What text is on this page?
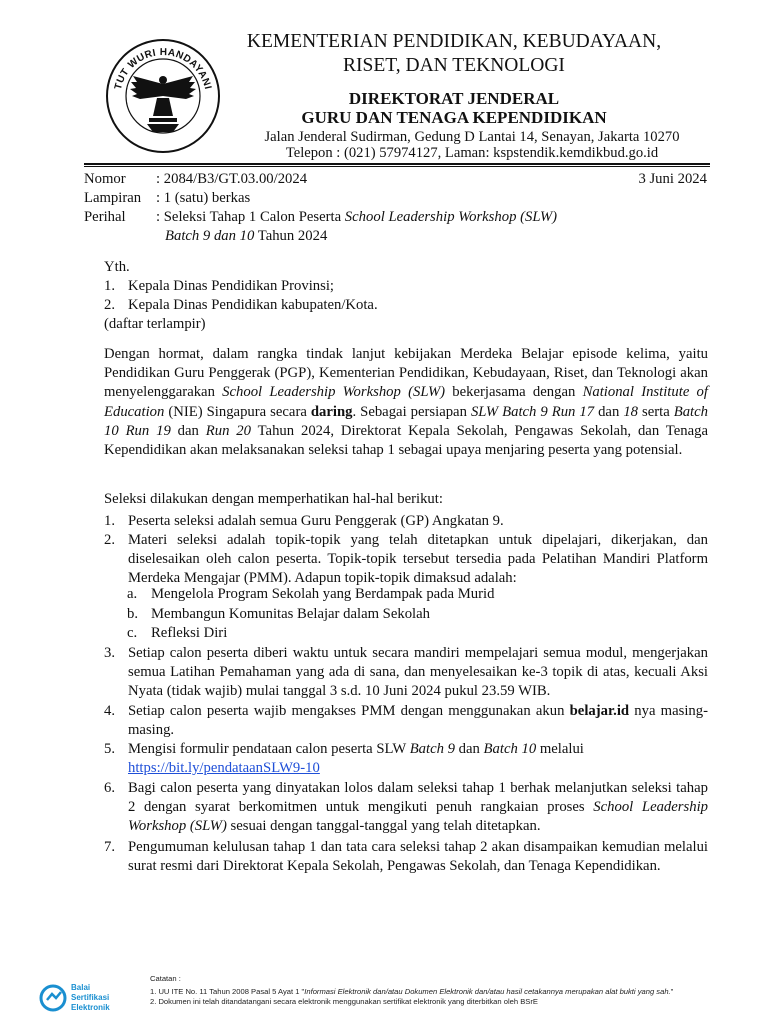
TUT WURI HANDAYANI
KEMENTERIAN PENDIDIKAN, KEBUDAYAAN,
RISET, DAN TEKNOLOGI
DIREKTORAT JENDERAL
GURU DAN TENAGA KEPENDIDIKAN
Jalan Jenderal Sudirman, Gedung D Lantai 14, Senayan, Jakarta 10270
Telepon : (021) 57974127, Laman: kspstendik.kemdikbud.go.id
Nomor : 2084/B3/GT.03.00/2024	3 Juni 2024
Lampiran : 1 (satu) berkas
Perihal : Seleksi Tahap 1 Calon Peserta School Leadership Workshop (SLW)
Batch 9 dan 10 Tahun 2024
Yth.
1. Kepala Dinas Pendidikan Provinsi;
2. Kepala Dinas Pendidikan kabupaten/Kota.
(daftar terlampir)
Dengan hormat, dalam rangka tindak lanjut kebijakan Merdeka Belajar episode kelima, yaitu Pendidikan Guru Penggerak (PGP), Kementerian Pendidikan, Kebudayaan, Riset, dan Teknologi akan menyelenggarakan School Leadership Workshop (SLW) bekerjasama dengan National Institute of Education (NIE) Singapura secara daring. Sebagai persiapan SLW Batch 9 Run 17 dan 18 serta Batch 10 Run 19 dan Run 20 Tahun 2024, Direktorat Kepala Sekolah, Pengawas Sekolah, dan Tenaga Kependidikan akan melaksanakan seleksi tahap 1 sebagai upaya menjaring peserta yang potensial.
Seleksi dilakukan dengan memperhatikan hal-hal berikut:
1. Peserta seleksi adalah semua Guru Penggerak (GP) Angkatan 9.
2. Materi seleksi adalah topik-topik yang telah ditetapkan untuk dipelajari, dikerjakan, dan diselesaikan oleh calon peserta. Topik-topik tersebut tersedia pada Pelatihan Mandiri Platform Merdeka Mengajar (PMM). Adapun topik-topik dimaksud adalah:
a. Mengelola Program Sekolah yang Berdampak pada Murid
b. Membangun Komunitas Belajar dalam Sekolah
c. Refleksi Diri
3. Setiap calon peserta diberi waktu untuk secara mandiri mempelajari semua modul, mengerjakan semua Latihan Pemahaman yang ada di sana, dan menyelesaikan ke-3 topik di atas, kecuali Aksi Nyata (tidak wajib) mulai tanggal 3 s.d. 10 Juni 2024 pukul 23.59 WIB.
4. Setiap calon peserta wajib mengakses PMM dengan menggunakan akun belajar.id nya masing-masing.
5. Mengisi formulir pendataan calon peserta SLW Batch 9 dan Batch 10 melalui
https://bit.ly/pendataanSLW9-10
6. Bagi calon peserta yang dinyatakan lolos dalam seleksi tahap 1 berhak melanjutkan seleksi tahap 2 dengan syarat berkomitmen untuk mengikuti penuh rangkaian proses School Leadership Workshop (SLW) sesuai dengan tanggal-tanggal yang telah ditetapkan.
7. Pengumuman kelulusan tahap 1 dan tata cara seleksi tahap 2 akan disampaikan kemudian melalui surat resmi dari Direktorat Kepala Sekolah, Pengawas Sekolah, dan Tenaga Kependidikan.
Balai
Sertifikasi
Elektronik
Catatan :
1. UU ITE No. 11 Tahun 2008 Pasal 5 Ayat 1 "Informasi Elektronik dan/atau Dokumen Elektronik dan/atau hasil cetakannya merupakan alat bukti yang sah."
2. Dokumen ini telah ditandatangani secara elektronik menggunakan sertifikat elektronik yang diterbitkan oleh BSrE
